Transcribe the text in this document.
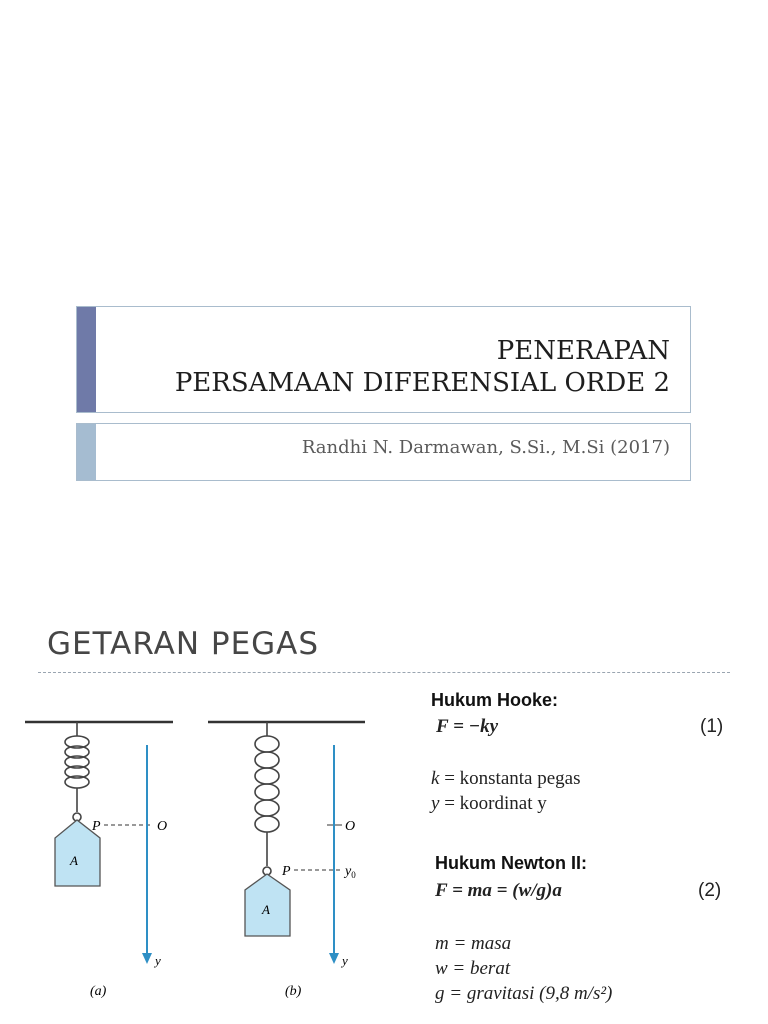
PENERAPAN
PERSAMAAN DIFERENSIAL ORDE 2
Randhi N. Darmawan, S.Si., M.Si (2017)
GETARAN PEGAS
A
P	O
y
(a)
A
O
P	$y_0$
y
(b)
Hukum Hooke:
F = −ky	(1)
k = konstanta pegas
y = koordinat y
Hukum Newton II:
F = ma = (w/g)a	(2)
m = masa
w = berat
g = gravitasi (9,8 m/s²)
